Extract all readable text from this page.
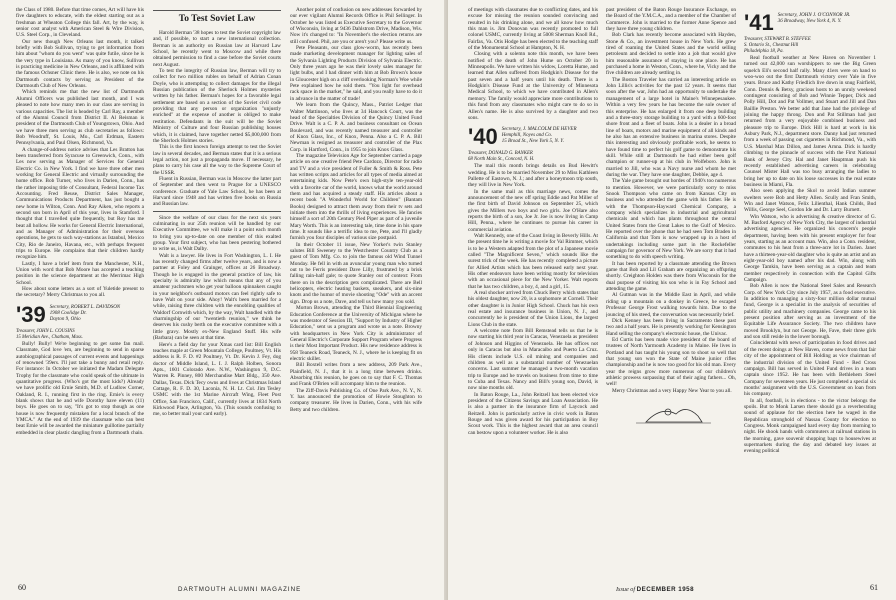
the Class of 1980. Before that time comes, Art will have his five daughters to educate, with the eldest starting out as a freshman at Wheaton College this fall. Art, by the way, is senior cost analyst with American Steel & Wire Division, U.S. Steel Corp., in Cleveland.

Our new though New Orleans last month, it talked briefly with Bob Sullivan, trying to get information from him about "whom do you went" was quite futile, since he is the very type in Louisiana. As many of you know, Sullivan is practicing medicine in New Orleans, and is affiliated with the famous Ochsner Clinic there. He is also, we note on his Dartmouth contacts by serving as President of the Dartmouth Club of New Orleans.

Which reminds me that the new list of Dartmouth Alumni Officers was published last month, and I was pleased to note how many men in our class are serving in various capacities. The list is headed by Carl Ray, a member of the Alumni Council from District II. Al Reisman is president of the Dartmouth Club of Youngstown, Ohio. And we have three men serving as club secretaries as follows: Bob Woodruff, St. Louis, Mo., Carl Erdman, Eastern Pennsylvania, and Paul Olsen, Richmond, Va.

A change-of-address notice advises that Les Bratton has been transferred from Syracuse to Greenwich, Conn., with Les now serving as Manager of Services for General Electric Co. in New York. I find we have three other men working for General Electric and virtually surrounding the home office. Bob Turner, who lives in Darien, Conn., has the rather imposing title of Consultant, Federal Income Tax Accounting. Fred Reuse, District Sales Manager, Communications Products Department, has just bought a new home in Wilton, Conn. And Ray Aiken, who reports a second son born in April of this year, lives in Stamford. I thought that I travelled quite frequently, but Roy has me beat all hollow. He works for General Electric International, and as Manager of Administration for their overseas operations, he gets to such way-stations as Istanbul, Mexico City, Rio de Janeiro, Havana, etc., with perhaps frequent trips to Europe. He complains that their children hardly recognize him.

Lastly, I have a brief item from the Manchester, N.H., Union with word that Bob Moore has accepted a teaching position in the science department at the Merrimac High School.

How about some letters as a sort of Yuletide present to the secretary? Merry Christmas to you all.

'39 Secretary, ROBERT L. DAVIDSON
1908 Coolidge Dr.
Dayton 9, Ohio
Treasurer, JOHN L. COUSINS
15 Meridian Ave., Chatham, Mass.

Bully! Bully! We're beginning to get some fan mail. Classmate, God love 'em, are beginning to send in sparse autobiographical passages of current events and happenings of renowned '39ers. I'll just take a bunny and retail reply. For instance: In October we initiated the Madam Delegate Trophy for the classmate who could speak of the ultimate in quantitative progress. (Who's got the most kids?) Already we have prolific old Ernie Smith, M.D. of Ludlow Corner, Oakland, R. I., running first in the ring. Ernie's is every blank shows that he and wife Dorothy have eleven (11) boys. He goes on to say, "It's got to stop though as one house is now frequently mistaken for a local branch of the YMCA." At the end of 1939 the classmate who can best beat Ernie will be awarded the miniature guillotine partially embedded in clear plastic dangling from a Dartmouth chain.

To Test Soviet Law

Harold Berman '38 hopes to test the Soviet copyright law and, if possible, to start a new international collection. Berman is an authority on Russian law at Harvard Law School, he recently went to Moscow and while there obtained permission to find a case before the Soviet courts next August.

To test the integrity of Russian law, Berman will try to collect for two million rubles on behalf of Adrian Conan Doyle, who is attempting to collect damages for the illegal Russian publication of the Sherlock Holmes mysteries written by his father. Berman's hopes for a favorable legal settlement are based on a section of the Soviet civil code providing that any person or organization "unjustly enriched" at the expense of another is obliged to make restitution. Defendants in the suit will be the Soviet Ministry of Culture and four Russian publishing houses which, it is claimed, have together netted $5,000,000 from the Sherlock Holmes stories.

This is the first known foreign attempt to test the Soviet law in several decades, and Berman states that it is a serious legal action, not just a propaganda move. If necessary, he plans to carry his case all the way to the Supreme Court of the USSR.

Fluent in Russian, Berman was in Moscow the latter part of September and then went to Prague for a UNESCO conference. Graduate of Yale Law School, he has been at Harvard since 1948 and has written five books on Russia and Russian law.

Since the welfare of our class for the next six years culminating in our 25th reunion will be handled by our Executive Committee, we will make it a point each month to bring you up-to-date on one member of this exalted group. Your first subject, who has been pestering bothered to write us, is Walt Dalby.

Walt is a lawyer. He lives in Fort Washington, L. I. He has recently changed firms after twelve years, and is now a partner at Foley and Grainger, offices at 26 Broadway. Though he is engaged in the general practice of law, his specialty is admiralty law which means that any of you amateur yachtsmen who get your balloon spinnakers caught in your neighbor's outboard motors can feel rightly safe to have Walt on your side. Ahoy! Walt's been married for a while, raising three children with the ennobling qualities of Waldorf Cornwith which, by the way, Walt handled with the charmingship of our "twentieth reunion," we think he deserves his cushy berth on the executive committee with a little gravy. Mostly ex-New England Stuff. His wife (Barbara) can be seen at that time.

Here's a field day for your Xmas card list: Bill English teaches maple at Green Mountain College, Poultney, Vt. His address is R. F. D. #2 Poultney, Vt. Dr. Kevin J. Fey, dog doctor of Middle Island, L. I. J. Ralph Holben, Sonora Apts., 1601 Colorado Ave. N.W., Washington 9, D.C. Warren R. Pinney, 800 Merchandise Mart Bldg., 350 Ave. Dallas, Texas. Dick Tecy owns and lives at Christmas Island Cottage, R. F. D. 30, Laconia, N. H. Lt. Col. Jim Tesley USMC with the 1st Marine Aircraft Wing, Fleet Post Office, San Francisco, Calif., currently lives at 1834 North Kirkwood Place, Arlington, Va. (This sounds confusing to me, so better mail your card early).

Another point of confusion on new addresses forwarded by our ever vigilant Alumni Records Office is Phil Sellinger. In October he was listed as Executive Secretary to the Governor of Wisconsin, living at 9436 Dahlstrom Drive, Madison, Wis. Now it's changed to: "In November's the election returns are still confused. Phil, are you or aren't you? Please write us.

Pete Pleasants, our class glow-worm, has recently been made marketing development manager for lighting sales of the Sylvania Lighting Products Division of Sylvania Electric. Only three years ago he was their lovely sales manager for light bulbs, and I had dinner with him at Bob Brown's house in Gloucester high on a cliff overlooking Norman's Woe while Pete explained how he sold them. "You light for overhead rack space in the market," he said, and you really have to do it in advance in the matter of trade!

We learn from the Quincy, Mass., Patriot Ledger that Walter Mattinson, who lives at 34 Hancock Court, was the head of the Specialties Division of the Quincy United Fund Drive. Walt is a C. P. A. and business consultant on Ocean Boulevard, and was recently named treasurer and controller of Knox Glass, Inc., of Knox, Penna. Also a C. P. A. Bill Newman is resigned as treasurer and controller of the Plax Corp. in Hartford, Conn., in 1955 to join Knox Glass.

The magazine Television Age for September carried a page article on one creative friend Pete Cardozo, Director for radio and TV and a vice president of Fuller & Smith & Ross. Pete has written scripts and articles for all types of media aimed at entertaining kids. Now Pete's own high-style ten-year-old with a favorite car of the world, knows what the world around them and has acquired a steady staff. His articles about a recent book "A Wonderful World for Children" (Bantam Books) designed to attract them away from their tv sets and initiate them into the thrills of living experiences. He fancies himself a sort of 20th Century Pied Piper as part of a juvenile Mary Worth. This is an interesting tale, time done in his spare time. It sounds like a terrific idea to me, Pete, and I'll gladly furnish you four disciples of various size postpaid.

In their October 11 issue, New Yorker's twin Stanley salutes Bill Sweeney to the Westchester Country Club as a guest of Tom Mfg. Co. to join the famous old Wind Tunnel Monday. He fell in with an avuncular young man who turned out to be Ferris president Dave Lilly, frustrated by a brisk falling rain-half gale; to quote Stanley out of context: From there on in the description gets complicated. There are Bell helicopters, electric heating baskets, sneakers, and six-nine knots and the humor of movie shooting "Ode" with an accent sign. Drop us a note, Dave, and tell us how many you sold.

Morton Brown, attending the Third Biennial Engineering Education Conference at the University of Michigan where he was moderator of Session III, "Support by Industry of Higher Education," sent us a program and wrote us a note. Browny with headquarters in New York City is administrator of General Electric's Corporate Support Program where Progress is their Most Important Product. His new residence address is 958 Teaneck Road, Teaneck, N. J., where he is keeping fit on electric skillet.

Bill Boxtell writes from a new address, 209 Park Ave., Plainfield, N. J., that it is a long time between drinks. Absorbing this reunion, he goes on to say that F. C. Thomas and Frank O'Brien will accompany him to the reunion.

The Ziff-Davis Publishing Co. of One Park Ave., N. Y., N. Y. has announced the promotion of Howie Stoughton to company treasurer. He lives in Darien, Conn., with his wife Betty and two children.

60	DARTMOUTH ALUMNI MAGAZINE

of meetings with classmates due to conflicting dates, and his excuse for missing the reunion sounded convincing and resulted in his drinking alone, and we all know how much this man is. Jim Donovan was recently promoted to full colonel USMC, currently living at 5008 Sherman Knoll Rd., Fairfax, Va. Otis Hodge has been elected to the teaching staff of the Monumental School at Hampton, N. H.

Closing with a solemn note this month, we have been notified of the death of John Hume on October 20 in Minneapolis. We have written his widow, Loretta Hume, and learned that Allen suffered from Hodgkin's Disease for the past seven and a half years until his death. There is a Hodgkin's Disease Fund at the University of Minnesota Medical School, to which we have contributed in Allen's memory. The family would appreciate more contributions to this fund from any classmates who might care to do so in Allen's name. He is also survived by a daughter and two sons.

'40 Secretary, J. MALCOLM DE HEVER
Hemphill, Noyes and Co.
15 Broad St., New York 5, N. Y.
Treasurer, DONALD G. BANKER
68 North Main St., Concord, N. H.

The mail this month brings details on Bud Hewitt's wedding. He is to be married November 29 to Miss Kathleen Pallette of Eastown, N. J.; and after a honeymoon trip south, they will live in New York.

In the same mail as this marriage news, comes the announcement of the new off spring Eddie and Pat Miller of the first birth of David Johnson on September 25, which gives the Millers two boys and two girls. Joe O'Hare also reports the birth of a son, Joe Jr. Joe is now living in Camp Hill, Penna., where he continues to pursue his career in commercial aviation.

Walt Kennedy, one of the Coast living in Beverly Hills. At the present time he is writing a movie for Val Rimmer, which is to be a Western adapted from the plot of a Japanese movie called "The Magnificent Seven," which sounds like the surest trick of the week. He has recently completed a picture for Allied Artists which has been released early next year. His other endeavors have been writing mostly for television with an occasional piece for the New Yorker. Walt reports that he has two children, a boy, 4, and a girl, 15.

A real shocker arrived from Chuck Berry which states that his oldest daughter, now 20, is a sophomore at Cornell. Their other daughter is in Junior High School. Chuck has his own real estate and insurance business in Union, N. J., and concurrently he is president of the Union Lions, the largest Lions Club in the state.

A welcome note from Bill Remstead tells us that he is now starting his third year in Caracas, Venezuela as president of Johnson and Higgins of Venezuela. He has offices not only in Caracas but also in Maracaibo and Puerto La Cruz. His clients include U.S. oil mining and companies and children as well as a substantial number of Venezuelan concerns. Last summer he managed a two-month vacation trip to Europe and he travels on business from time to time to Cuba and Texas. Nancy and Bill's young son, David, is now nine months old.

In Baton Rouge, La., John Reitzell has been elected vice president of the Citizens Savings and Loan Association. He is also a partner in the insurance firm of Laycock and Reitzell. John is particularly active in civic work in Baton Rouge and was given award for his participation in Boy Scout work. This is the highest award that an area council can bestow upon a volunteer worker. He is also

past president of the Baton Rouge Insurance Exchange, on the Board of the Y.M.C.A., and a member of the Chamber of Commerce. John is married to the former Anne Spence and they have three young children.

Bob Clark has recently become associated with Hayden, Stone & Co., an investment house in New York. He grew tired of roaming the United States and the world selling petroleum and decided to settle into a job that would give him reasonable assurance of staying in one place. He has purchased a home in Weston, Conn., where he, Vicky and the five children are already settling in.

The Boston Traveler has carried an interesting article on John Lillis's activities for the past 12 years. It seems that soon after the war, John had an opportunity to undertake the management of a large hotel in Maine's Winnepesaukee. Within a very few years he has become the sole owner of this enterprise. He has enlarged it from one deep building and a three-story storage building to a yard with a 600-foot shore front and a fleet of boats. John is a dealer in a broad line of boats, motors and marine equipment of all kinds and he also has an extensive business in marina stores. Despite this interesting and obviously profitable work, he seems to have found time to perfect his golf game to demonstrate his skill. While still at Dartmouth he had either been golf champion or runner-up at his club in Wolfeboro. John is married to Jill, who was a Navy nurse and whom he met during the war. They have one daughter, Debbie, age 4.

The Yale game brought out hordes of 1940's too numerous to mention. However, we were particularly sorry to miss Snook Thompson who came on from Kansas City on business and who attended the game with his father. He is with the Thompson-Hayward Chemical Company, a company which specializes in industrial and agricultural chemicals and which has plants throughout the central United States from the Great Lakes to the Gulf of Mexico. He reported over the phone that he had seen Tom Braden in California and that Tom is now wrapped up in a host of undertakings including some part in the Rockefeller campaign for governor of New York. We are sorry that it had something to do with speech writing.

It has been reported by a classmate attending the Brown game that Bob and Lil Graham are organizing an offspring shortly. Creighton Holden was there from Wisconsin for the dual purpose of visiting his son who is in Fay School and attending the game.

Al Gutman was in the Middle East in April, and while riding up a mountain on a donkey in Greece, he escaped Professor George Frost walking towards him. Due to the jouncing of his steed, the conversation was necessarily brief.

Dick Kenney has been living in Sacramento these past two and a half years. He is presently working for Kensington Hand selling the company's electronic house, the Univac.

Ed Curtis has been made vice president of the board of trustees of North Yarmouth Academy in Maine. He lives in Portland and has taught his young son to shoot so well that that young son won the State of Maine junior rifles championship and he is now too good for his old man. Every year the reigns grow more numerous of our children's athletic prowess surpassing that of their aging fathers... Oh, well!

Merry Christmas and a very Happy New Year to you all.

'41 Secretary, JOHN J. O'CONNOR JR.
36 Broadway, New York 4, N. Y.
Treasurer, STEWART B. STEFFEE
S. Ontario St., Chestnut Hill
Philadelphia 18, Pa.

Real football weather at New Haven on November 1 turned out 42,000 sun worshippers to see the Big Green squelch Eli's second half rally. Many 41ers were on hand to woo-woo out the first Dartmouth victory over Yale in five years. Bruce and Kathy Friedlich live down in snug Fairfield, Conn. Dennis & Betsy, gracious hosts to an unruly weekend contingent consisting of Bob and Winnie Tepper, Dick and Polly Hill, Dot and Pat Vollmer, and Stuart and Jill and Dan Baillie Preston. We better add that Jane had the privilege of joining the happy throng. Don and Pat Stillman had just returned from a very enjoyable combined business and pleasure trip to Europe. Dick Hill is hard at work in his Asbury Park, N.J., department store. Danny had just returned from a week of passing out cigarettes in Richmond, Va., with U.S. Marshal Max Dillon, and James Arnna. Dick is hardly climbing to the pinnacle of success with the First National Bank of Jersey City. Hal and Janet Hauptman push his recently established advertising careers in celebrating Counsel Mister Hall was too busy arranging the ladies to bring her up to date on his loose successes in the real estate business in Miami, Fla.

Also seen applying the Skol to avoid Indian summer swelters were Bob and Hetty Allen. Scully and Fran Smith, Win and Janet Watson, Felix Lilienthal, Hank Childs, Bud Willis, George Seel, Gordon Ide and Dr. Larry Burnett.

Win Watson, who is advertising & creative director of G. M. Basford Agency of New York City, the largest of industrial advertising agencies. He organized his concern's people department, having been with his present employer for four years, starting as an account man. Win, also a Conn. resident, commutes to his heat from a three-acre lot in Darien. Janet have a thirteen-year-old daughter who is quite an artist and an eight-year-old boy named after his dad. Win, along with George Tamkin, have been serving as a captain and team member respectively in connection with the Capitol Gifts Campaign.

Bob Allen is now the National Steel Sales and Research Corp. of New York City since July 1957, as a food executive. In addition to managing a sixty-four million dollar mutual fund, George is a specialist in the analysis of securities of public utility and machinery companies. George came to his present position after serving as an investment of the Equitable Life Assurance Society. The two children have moved Brooklyn, but not George. He, Fave, their three girls and son still reside in the lower borough.

Coincidental with news of participation in food drives and of the recent doings at New Haven, come news from that fair city of the appointment of Bill Holding as vice chairman of the industrial division of the United Fund - Red Cross campaign. Bill has served in United Fund drives in a team captain since 1952. He has been with Bethlehem Steel Company for seventeen years. He just completed a special six months' assignment with the U.S. Government on loan from his company.

In all, football, is in elections - to the victor belongs the spoils. But to Monk Larsen there should go a reverberating sound of applause for the election here he waged in the Republican stronghold of Nassau County for election to Congress. Monk campaigned hard every day from morning to night. He shook hands with commuters at railroad stations in the morning, gave souvenir shopping bags to housewives at supermarkets during the day and debated key issues at evening political

Issue of DECEMBER 1958	61
